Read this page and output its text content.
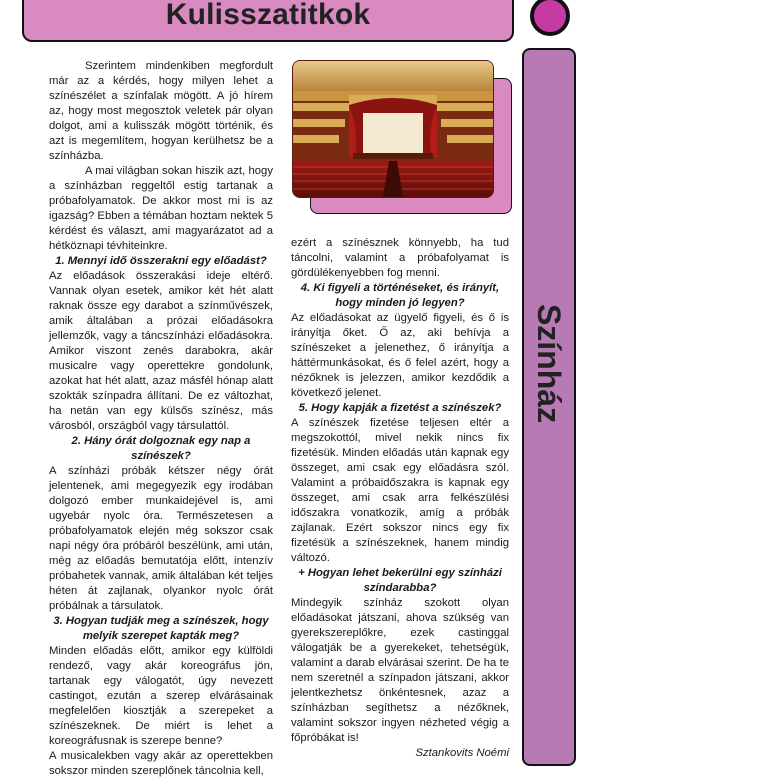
Kulisszatitkok
Színház

Szerintem mindenkiben megfordult már az a kérdés, hogy milyen lehet a színészélet a színfalak mögött. A jó hírem az, hogy most megosztok veletek pár olyan dolgot, ami a kulisszák mögött történik, és azt is megemlítem, hogyan kerülhetsz be a színházba.

A mai világban sokan hiszik azt, hogy a színházban reggeltől estig tartanak a próbafolyamatok. De akkor most mi is az igazság? Ebben a témában hoztam nektek 5 kérdést és választ, ami magyarázatot ad a hétköznapi tévhiteinkre.

1. Mennyi idő összerakni egy előadást?

Az előadások összerakási ideje eltérő. Vannak olyan esetek, amikor két hét alatt raknak össze egy darabot a színművészek, amik általában a prózai előadásokra jellemzők, vagy a táncszínházi előadásokra. Amikor viszont zenés darabokra, akár musicalre vagy operettekre gondolunk, azokat hat hét alatt, azaz másfél hónap alatt szokták színpadra állítani. De ez változhat, ha netán van egy külsős színész, más városból, országból vagy társulattól.

2. Hány órát dolgoznak egy nap a színészek?

A színházi próbák kétszer négy órát jelentenek, ami megegyezik egy irodában dolgozó ember munkaidejével is, ami ugyebár nyolc óra. Természetesen a próbafolyamatok elején még sokszor csak napi négy óra próbáról beszélünk, ami után, még az előadás bemutatója előtt, intenzív próbahetek vannak, amik általában két teljes héten át zajlanak, olyankor nyolc órát próbálnak a társulatok.

3. Hogyan tudják meg a színészek, hogy melyik szerepet kapták meg?

Minden előadás előtt, amikor egy külföldi rendező, vagy akár koreográfus jön, tartanak egy válogatót, úgy nevezett castingot, ezután a szerep elvárásainak megfelelően kiosztják a szerepeket a színészeknek. De miért is lehet a koreográfusnak is szerepe benne?

A musicalekben vagy akár az operettekben sokszor minden szereplőnek táncolnia kell,

ezért a színésznek könnyebb, ha tud táncolni, valamint a próbafolyamat is gördülékenyebben fog menni.

4. Ki figyeli a történéseket, és irányít, hogy minden jó legyen?

Az előadásokat az ügyelő figyeli, és ő is irányítja őket. Ő az, aki behívja a színészeket a jelenethez, ő irányítja a háttérmunkásokat, és ő felel azért, hogy a nézőknek is jelezzen, amikor kezdődik a következő jelenet.

5. Hogy kapják a fizetést a színészek?

A színészek fizetése teljesen eltér a megszokottól, mivel nekik nincs fix fizetésük. Minden előadás után kapnak egy összeget, ami csak egy előadásra szól. Valamint a próbaidőszakra is kapnak egy összeget, ami csak arra felkészülési időszakra vonatkozik, amíg a próbák zajlanak. Ezért sokszor nincs egy fix fizetésük a színészeknek, hanem mindig változó.

+ Hogyan lehet bekerülni egy színházi színdarabba?

Mindegyik színház szokott olyan előadásokat játszani, ahova szükség van gyerekszereplőkre, ezek castinggal válogatják be a gyerekeket, tehetségük, valamint a darab elvárásai szerint. De ha te nem szeretnél a színpadon játszani, akkor jelentkezhetsz önkéntesnek, azaz a színházban segíthetsz a nézőknek, valamint sokszor ingyen nézheted végig a főpróbákat is!

Sztankovits Noémi
